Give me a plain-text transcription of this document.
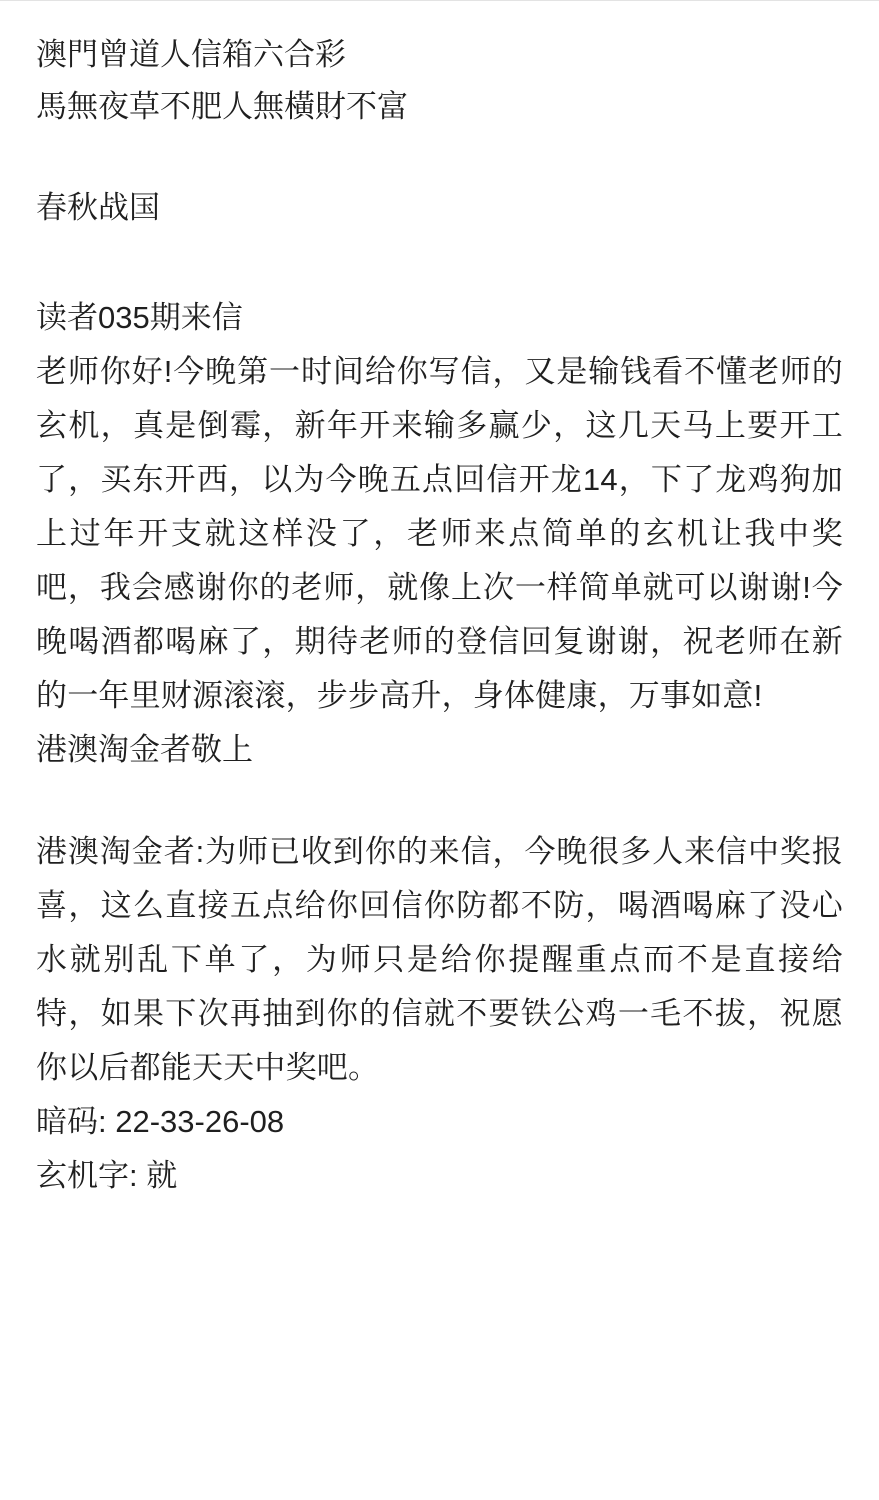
澳門曾道人信箱六合彩
馬無夜草不肥人無橫財不富
春秋战国
读者035期来信
老师你好!今晚第一时间给你写信，又是输钱看不懂老师的玄机，真是倒霉，新年开来输多赢少，这几天马上要开工了，买东开西，以为今晚五点回信开龙14，下了龙鸡狗加上过年开支就这样没了，老师来点简单的玄机让我中奖吧，我会感谢你的老师，就像上次一样简单就可以谢谢!今晚喝酒都喝麻了，期待老师的登信回复谢谢，祝老师在新的一年里财源滚滚，步步高升，身体健康，万事如意!
港澳淘金者敬上
港澳淘金者:为师已收到你的来信，今晚很多人来信中奖报喜，这么直接五点给你回信你防都不防，喝酒喝麻了没心水就别乱下单了，为师只是给你提醒重点而不是直接给特，如果下次再抽到你的信就不要铁公鸡一毛不拔，祝愿你以后都能天天中奖吧。
暗码: 22-33-26-08
玄机字: 就
